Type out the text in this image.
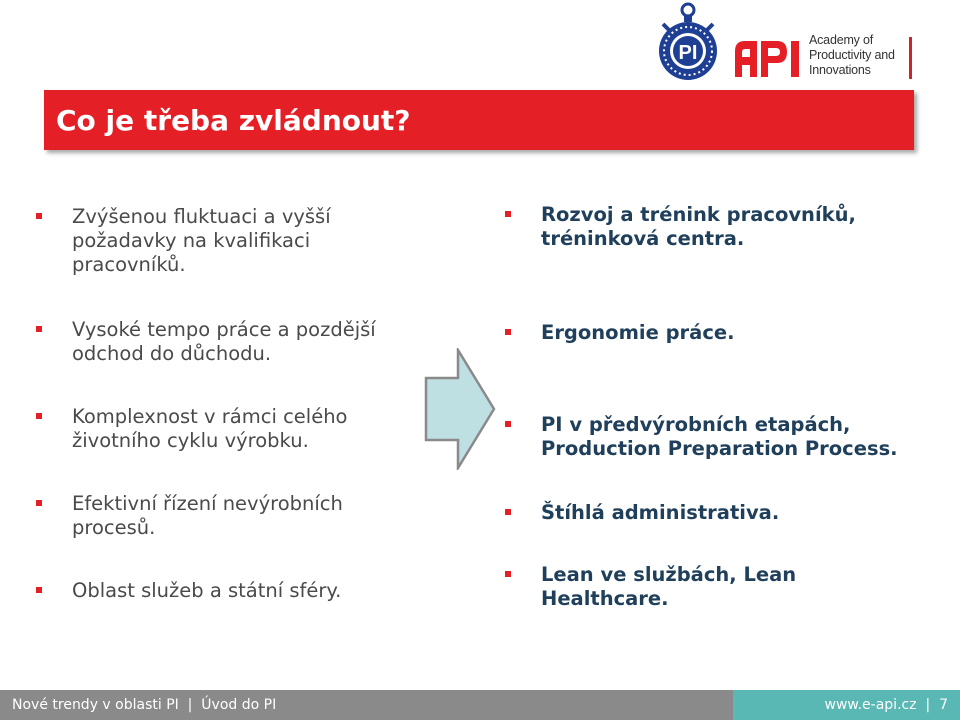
PI
Academy of
Productivity and
Innovations
Co je třeba zvládnout?
Zvýšenou fluktuaci a vyšší požadavky na kvalifikaci pracovníků.
Vysoké tempo práce a pozdější odchod do důchodu.
Komplexnost v rámci celého životního cyklu výrobku.
Efektivní řízení nevýrobních procesů.
Oblast služeb a státní sféry.
Rozvoj a trénink pracovníků, tréninková centra.
Ergonomie práce.
PI v předvýrobních etapách, Production Preparation Process.
Štíhlá administrativa.
Lean ve službách, Lean Healthcare.
Nové trendy v oblasti PI  |  Úvod do PI	www.e-api.cz  |  7
